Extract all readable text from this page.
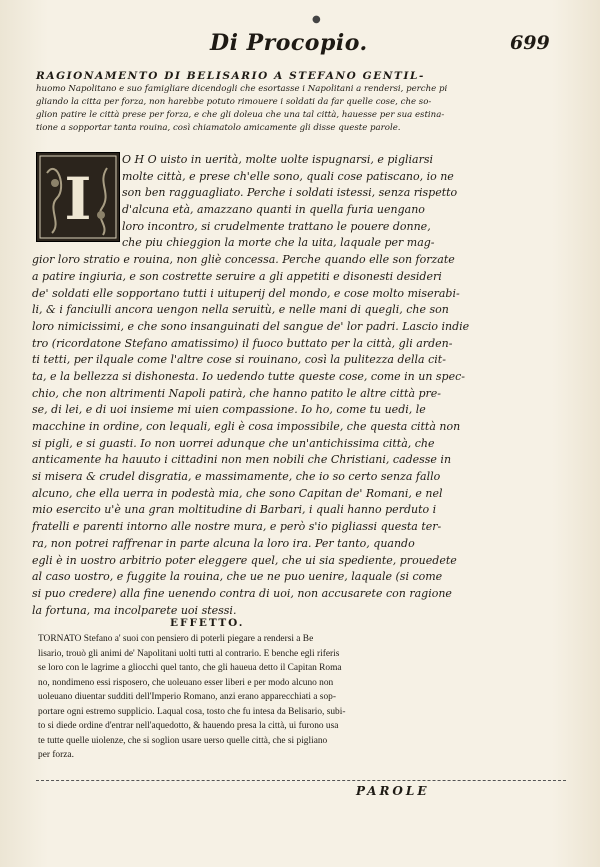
●
Di Procopio.	699
RAGIONAMENTO DI BELISARIO A STEFANO GENTIL-
huomo Napolitano e suo famigliare dicendogli che esortasse i Napolitani a rendersi, perche pi
gliando la citta per forza, non harebbe potuto rimouere i soldati da far quelle cose, che so-
glion patire le città prese per forza, e che gli doleua che una tal città, hauesse per sua estina-
tione a sopportar tanta rouina, così chiamatolo amicamente gli disse queste parole.
I
O H O uisto in uerità, molte uolte ispugnarsi, e pigliarsi
molte città, e prese ch'elle sono, quali cose patiscano, io ne
son ben ragguagliato. Perche i soldati istessi, senza rispetto
d'alcuna età, amazzano quanti in quella furia uengano
loro incontro, si crudelmente trattano le pouere donne,
che piu chieggion la morte che la uita, laquale per mag-
gior loro stratio e rouina, non gliè concessa. Perche quando elle son forzate
a patire ingiuria, e son costrette seruire a gli appetiti e disonesti desideri
de' soldati elle sopportano tutti i uituperij del mondo, e cose molto miserabi-
li, & i fanciulli ancora uengon nella seruitù, e nelle mani di quegli, che son
loro nimicissimi, e che sono insanguinati del sangue de' lor padri. Lascio indie
tro (ricordatone Stefano amatissimo) il fuoco buttato per la città, gli arden-
ti tetti, per ilquale come l'altre cose si rouinano, così la pulitezza della cit-
ta, e la bellezza si dishonesta. Io uedendo tutte queste cose, come in un spec-
chio, che non altrimenti Napoli patirà, che hanno patito le altre città pre-
se, di lei, e di uoi insieme mi uien compassione. Io ho, come tu uedi, le
macchine in ordine, con lequali, egli è cosa impossibile, che questa città non
si pigli, e si guasti. Io non uorrei adunque che un'antichissima città, che
anticamente ha hauuto i cittadini non men nobili che Christiani, cadesse in
si misera & crudel disgratia, e massimamente, che io so certo senza fallo
alcuno, che ella uerra in podestà mia, che sono Capitan de' Romani, e nel
mio esercito u'è una gran moltitudine di Barbari, i quali hanno perduto i
fratelli e parenti intorno alle nostre mura, e però s'io pigliassi questa ter-
ra, non potrei raffrenar in parte alcuna la loro ira. Per tanto, quando
egli è in uostro arbitrio poter eleggere quel, che ui sia spediente, prouedete
al caso uostro, e fuggite la rouina, che ue ne puo uenire, laquale (si come
si puo credere) alla fine uenendo contra di uoi, non accusarete con ragione
la fortuna, ma incolparete uoi stessi.
EFFETTO.
TORNATO Stefano a' suoi con pensiero di poterli piegare a rendersi a Be
lisario, trouò gli animi de' Napolitani uolti tutti al contrario. E benche egli riferis
se loro con le lagrime a gliocchi quel tanto, che gli haueua detto il Capitan Roma
no, nondimeno essi risposero, che uoleuano esser liberi e per modo alcuno non
uoleuano diuentar sudditi dell'Imperio Romano, anzi erano apparecchiati a sop-
portare ogni estremo supplicio. Laqual cosa, tosto che fu intesa da Belisario, subi-
to si diede ordine d'entrar nell'aquedotto, & hauendo presa la città, ui furono usa
te tutte quelle uiolenze, che si soglion usare uerso quelle città, che si pigliano
per forza.
PAROLE
